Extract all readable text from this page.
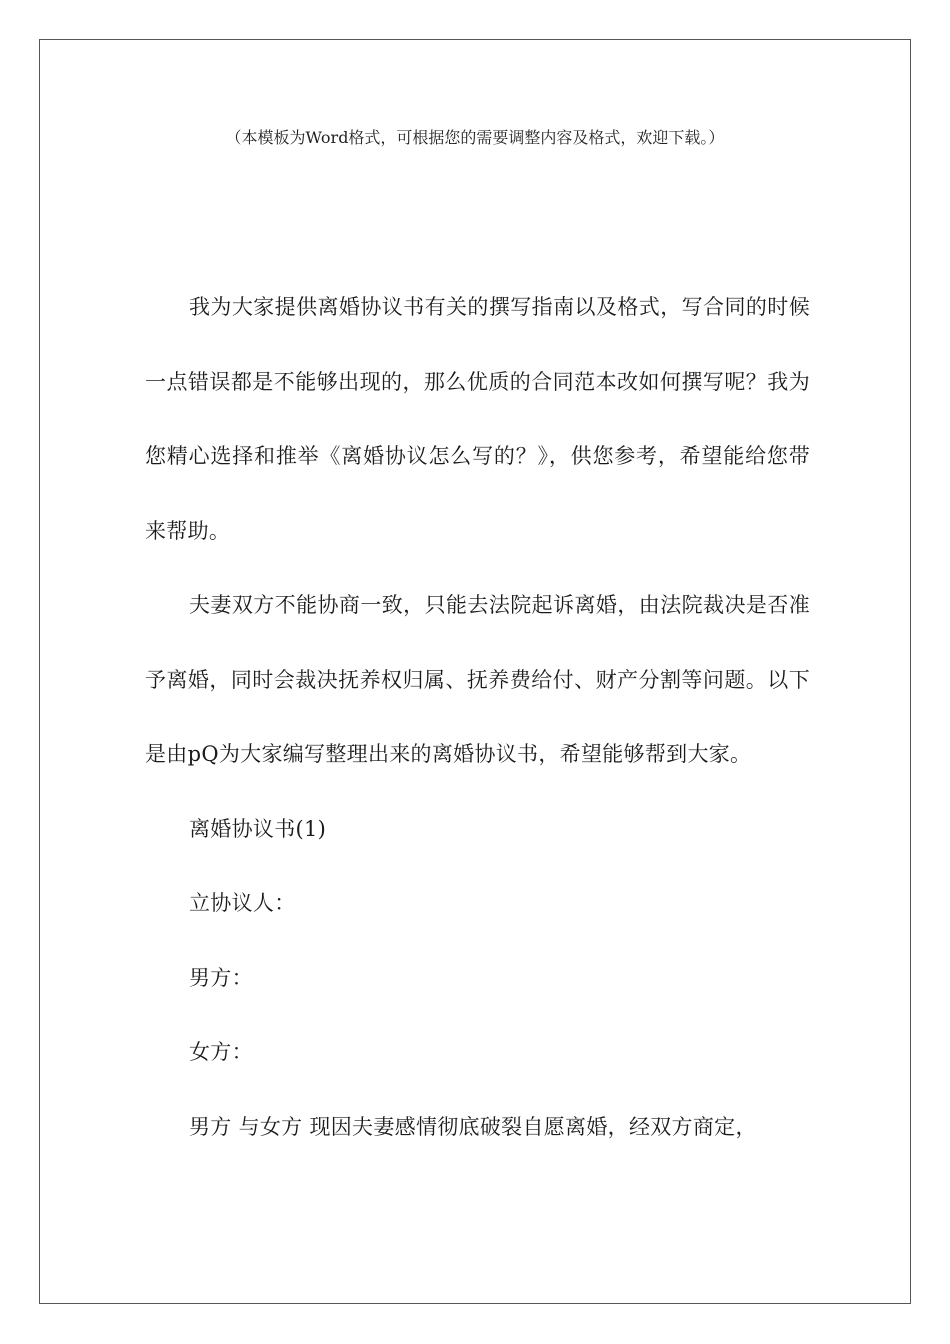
（本模板为Word格式，可根据您的需要调整内容及格式，欢迎下载。）

我为大家提供离婚协议书有关的撰写指南以及格式，写合同的时候一点错误都是不能够出现的，那么优质的合同范本改如何撰写呢？我为您精心选择和推举《离婚协议怎么写的？》，供您参考，希望能给您带来帮助。

夫妻双方不能协商一致，只能去法院起诉离婚，由法院裁决是否准予离婚，同时会裁决抚养权归属、抚养费给付、财产分割等问题。以下是由pQ为大家编写整理出来的离婚协议书，希望能够帮到大家。

离婚协议书(1)

立协议人：

男方：

女方：

男方 与女方 现因夫妻感情彻底破裂自愿离婚，经双方商定，
